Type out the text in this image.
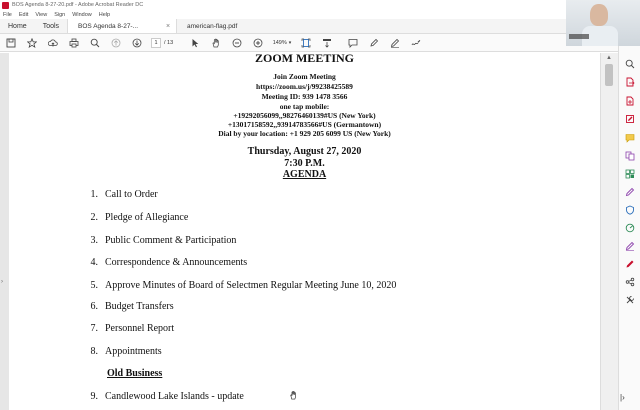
BOS Agenda 8-27-20.pdf - Adobe Acrobat Reader DC
File Edit View Sign Window Help
Home	Tools	BOS Agenda 8-27-...	×	american-flag.pdf
1	/ 13	149% ▾
›
ZOOM MEETING
Join Zoom Meeting
https://zoom.us/j/99238425589
Meeting ID: 939 1478 3566
one tap mobile:
+19292056099,,98276460139#US (New York)
+13017158592,,93914783566#US (Germantown)
Dial by your location: +1 929 205 6099 US (New York)
Thursday, August 27, 2020
7:30 P.M.
AGENDA
1. Call to Order
2. Pledge of Allegiance
3. Public Comment & Participation
4. Correspondence & Announcements
5. Approve Minutes of Board of Selectmen Regular Meeting June 10, 2020
6. Budget Transfers
7. Personnel Report
8. Appointments
Old Business
9. Candlewood Lake Islands - update
▲
|›
